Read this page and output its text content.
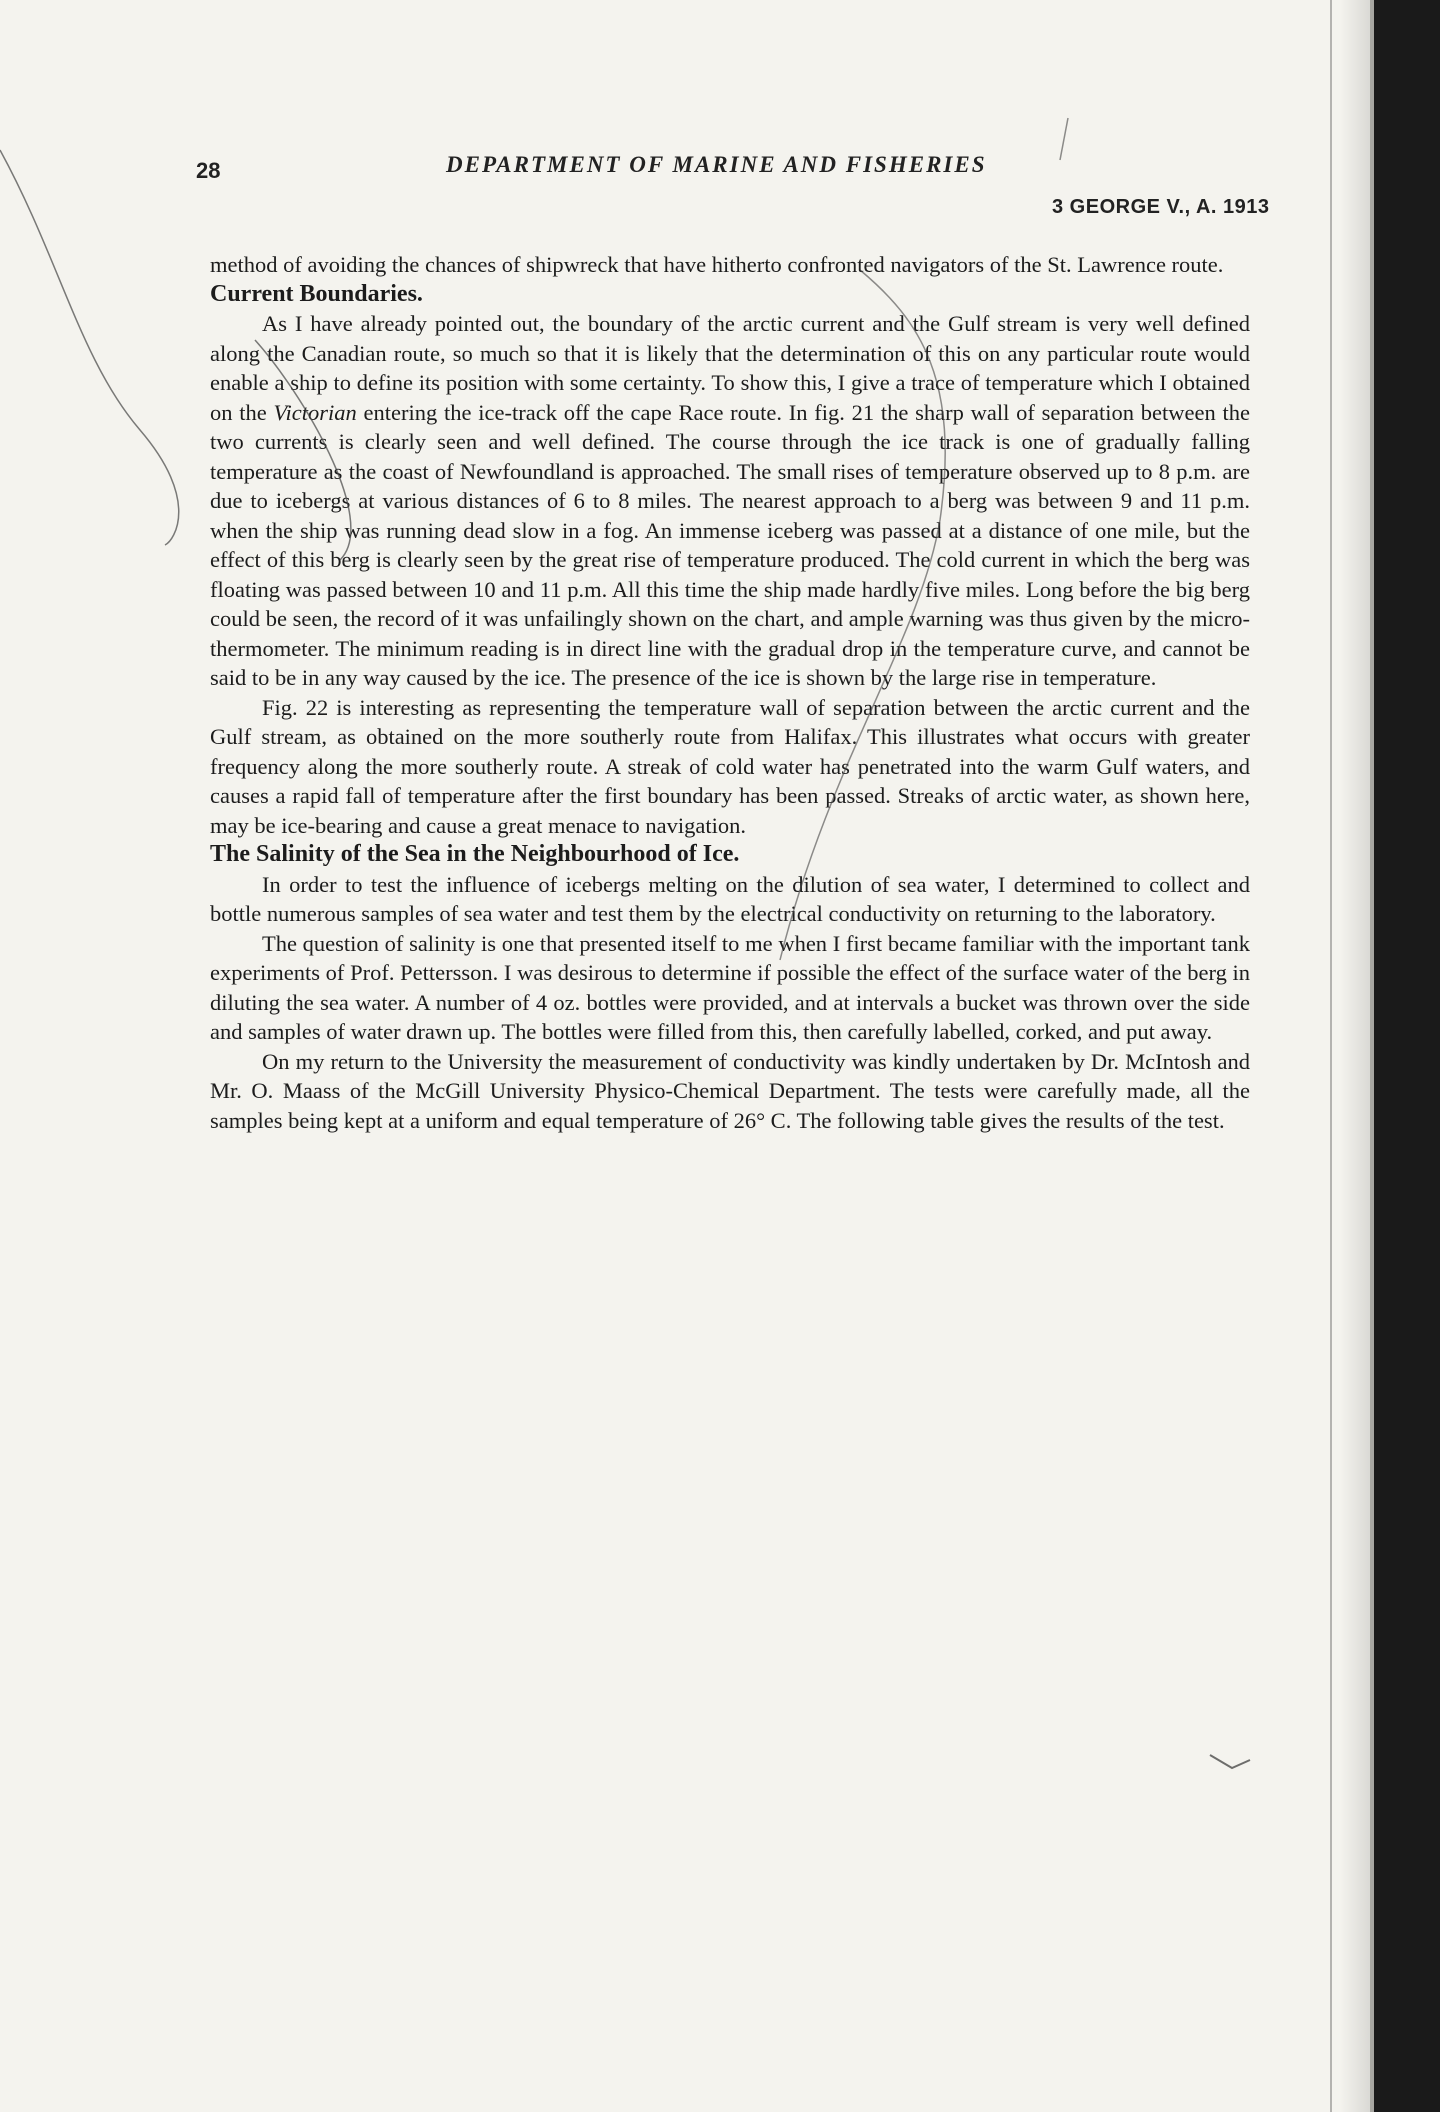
28	DEPARTMENT OF MARINE AND FISHERIES
3 GEORGE V., A. 1913

method of avoiding the chances of shipwreck that have hitherto confronted navigators of the St. Lawrence route.

Current Boundaries.

As I have already pointed out, the boundary of the arctic current and the Gulf stream is very well defined along the Canadian route, so much so that it is likely that the determination of this on any particular route would enable a ship to define its position with some certainty. To show this, I give a trace of temperature which I obtained on the Victorian entering the ice-track off the cape Race route. In fig. 21 the sharp wall of separation between the two currents is clearly seen and well defined. The course through the ice track is one of gradually falling temperature as the coast of Newfoundland is approached. The small rises of temperature observed up to 8 p.m. are due to icebergs at various distances of 6 to 8 miles. The nearest approach to a berg was between 9 and 11 p.m. when the ship was running dead slow in a fog. An immense iceberg was passed at a distance of one mile, but the effect of this berg is clearly seen by the great rise of temperature produced. The cold current in which the berg was floating was passed between 10 and 11 p.m. All this time the ship made hardly five miles. Long before the big berg could be seen, the record of it was unfailingly shown on the chart, and ample warning was thus given by the micro-thermometer. The minimum reading is in direct line with the gradual drop in the temperature curve, and cannot be said to be in any way caused by the ice. The presence of the ice is shown by the large rise in temperature.

Fig. 22 is interesting as representing the temperature wall of separation between the arctic current and the Gulf stream, as obtained on the more southerly route from Halifax. This illustrates what occurs with greater frequency along the more southerly route. A streak of cold water has penetrated into the warm Gulf waters, and causes a rapid fall of temperature after the first boundary has been passed. Streaks of arctic water, as shown here, may be ice-bearing and cause a great menace to navigation.

The Salinity of the Sea in the Neighbourhood of Ice.

In order to test the influence of icebergs melting on the dilution of sea water, I determined to collect and bottle numerous samples of sea water and test them by the electrical conductivity on returning to the laboratory.

The question of salinity is one that presented itself to me when I first became familiar with the important tank experiments of Prof. Pettersson. I was desirous to determine if possible the effect of the surface water of the berg in diluting the sea water. A number of 4 oz. bottles were provided, and at intervals a bucket was thrown over the side and samples of water drawn up. The bottles were filled from this, then carefully labelled, corked, and put away.

On my return to the University the measurement of conductivity was kindly undertaken by Dr. McIntosh and Mr. O. Maass of the McGill University Physico-Chemical Department. The tests were carefully made, all the samples being kept at a uniform and equal temperature of 26° C. The following table gives the results of the test.
